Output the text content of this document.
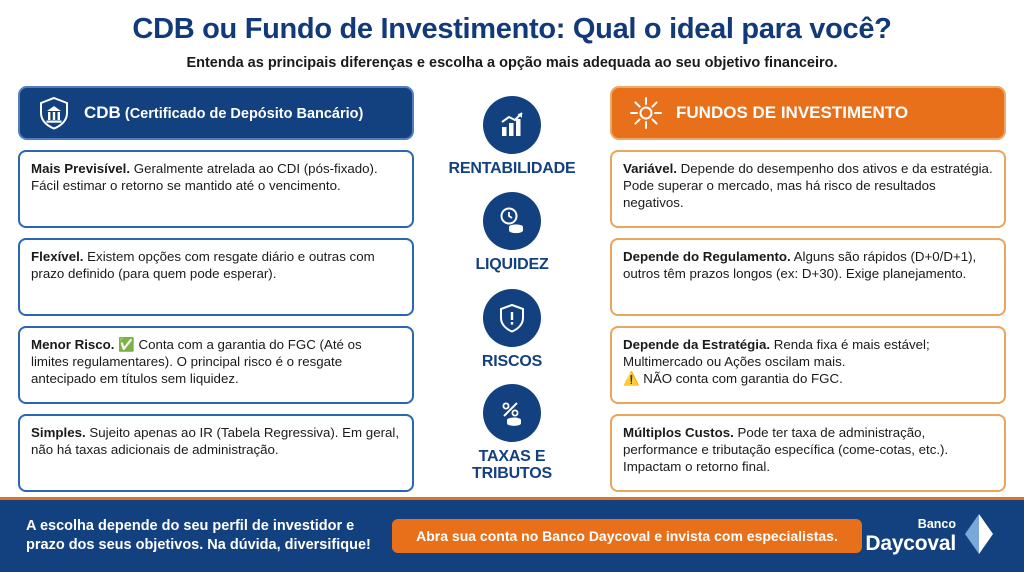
CDB ou Fundo de Investimento: Qual o ideal para você?
Entenda as principais diferenças e escolha a opção mais adequada ao seu objetivo financeiro.
CDB (Certificado de Depósito Bancário)
Mais Previsível. Geralmente atrelada ao CDI (pós-fixado). Fácil estimar o retorno se mantido até o vencimento.
Flexível. Existem opções com resgate diário e outras com prazo definido (para quem pode esperar).
Menor Risco. ✅ Conta com a garantia do FGC (Até os limites regulamentares). O principal risco é o resgate antecipado em títulos sem liquidez.
Simples. Sujeito apenas ao IR (Tabela Regressiva). Em geral, não há taxas adicionais de administração.
RENTABILIDADE
LIQUIDEZ
RISCOS
TAXAS E
TRIBUTOS
FUNDOS DE INVESTIMENTO
Variável. Depende do desempenho dos ativos e da estratégia. Pode superar o mercado, mas há risco de resultados negativos.
Depende do Regulamento. Alguns são rápidos (D+0/D+1), outros têm prazos longos (ex: D+30). Exige planejamento.
Depende da Estratégia. Renda fixa é mais estável; Multimercado ou Ações oscilam mais.
⚠️ NÃO conta com garantia do FGC.
Múltiplos Custos. Pode ter taxa de administração, performance e tributação específica (come-cotas, etc.). Impactam o retorno final.
A escolha depende do seu perfil de investidor e
prazo dos seus objetivos. Na dúvida, diversifique!
Abra sua conta no Banco Daycoval e invista com especialistas.
Banco
Daycoval
